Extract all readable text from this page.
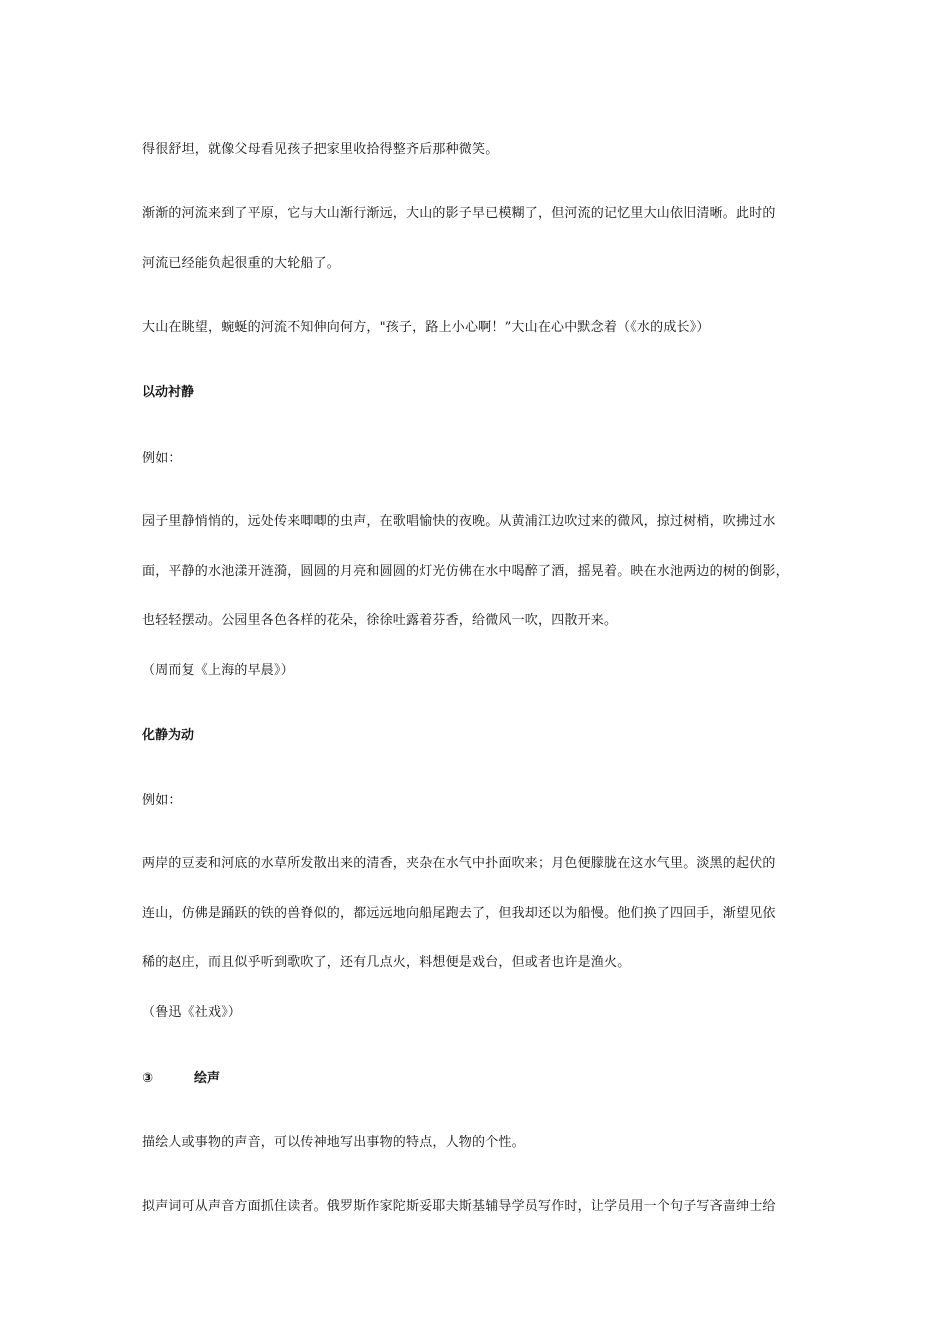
得很舒坦，就像父母看见孩子把家里收拾得整齐后那种微笑。
渐渐的河流来到了平原，它与大山渐行渐远，大山的影子早已模糊了，但河流的记忆里大山依旧清晰。此时的
河流已经能负起很重的大轮船了。
大山在眺望，蜿蜒的河流不知伸向何方，"孩子，路上小心啊！”大山在心中默念着（《水的成长》）
以动衬静
例如：
园子里静悄悄的，远处传来唧唧的虫声，在歌唱愉快的夜晚。从黄浦江边吹过来的微风，掠过树梢，吹拂过水
面，平静的水池漾开涟漪，圆圆的月亮和圆圆的灯光仿佛在水中喝醉了酒，摇晃着。映在水池两边的树的倒影，
也轻轻摆动。公园里各色各样的花朵，徐徐吐露着芬香，给微风一吹，四散开来。
（周而复《上海的早晨》）
化静为动
例如：
两岸的豆麦和河底的水草所发散出来的清香，夹杂在水气中扑面吹来；月色便朦胧在这水气里。淡黑的起伏的
连山，仿佛是踊跃的铁的兽脊似的，都远远地向船尾跑去了，但我却还以为船慢。他们换了四回手，渐望见依
稀的赵庄，而且似乎听到歌吹了，还有几点火，料想便是戏台，但或者也许是渔火。
（鲁迅《社戏》）
③	绘声
描绘人或事物的声音，可以传神地写出事物的特点，人物的个性。
拟声词可从声音方面抓住读者。俄罗斯作家陀斯妥耶夫斯基辅导学员写作时，让学员用一个句子写吝啬绅士给
